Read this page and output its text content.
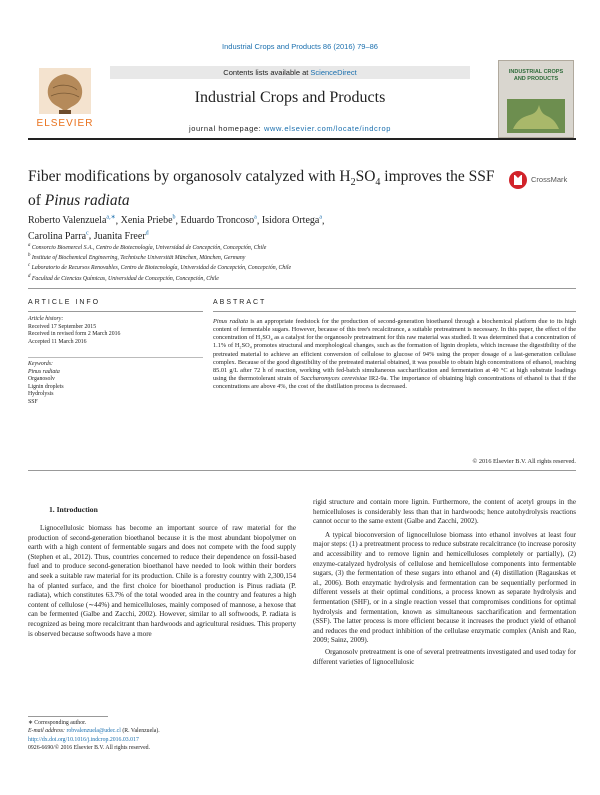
Industrial Crops and Products 86 (2016) 79–86
ELSEVIER
Contents lists available at ScienceDirect
Industrial Crops and Products
journal homepage: www.elsevier.com/locate/indcrop
INDUSTRIAL CROPS AND PRODUCTS
Fiber modifications by organosolv catalyzed with $H_2SO_4$ improves the SSF of Pinus radiata
CrossMark
Roberto Valenzuela$^{a,∗}$, Xenia Priebe$^b$, Eduardo Troncoso$^a$, Isidora Ortega$^a$,
Carolina Parra$^c$, Juanita Freer$^d$
$^a$ Consorcio Bioenercel S.A., Centro de Biotecnología, Universidad de Concepción, Concepción, Chile
$^b$ Institute of Biochemical Engineering, Technische Universität München, München, Germany
$^c$ Laboratorio de Recursos Renovables, Centro de Biotecnología, Universidad de Concepción, Concepción, Chile
$^d$ Facultad de Ciencias Químicas, Universidad de Concepción, Concepción, Chile
ARTICLE INFO	ABSTRACT
Article history:
Received 17 September 2015
Received in revised form 2 March 2016
Accepted 11 March 2016
Keywords:
Pinus radiata
Organosolv
Lignin droplets
Hydrolysis
SSF
Pinus radiata is an appropriate feedstock for the production of second-generation bioethanol through a biochemical platform due to its high content of fermentable sugars. However, because of this tree's recalcitrance, a suitable pretreatment is necessary. In this paper, the effect of the concentration of H₂SO₄ as a catalyst for the organosolv pretreatment for this raw material was studied. It was determined that a concentration of 1.1% of H₂SO₄ promotes structural and morphological changes, such as the formation of lignin droplets, which increase the digestibility of the pretreated material to achieve an efficient conversion of cellulose to glucose of 94% using the proper dosage of a last-generation cellulase complex. Because of the good digestibility of the pretreated material obtained, it was possible to obtain high concentrations of ethanol, reaching 85.01 g/L after 72 h of reaction, working with fed-batch simultaneous saccharification and fermentation at 40 °C at high substrate loadings using the thermotolerant strain of Saccharomyces cerevisiae IR2-9a. The importance of obtaining high concentrations of ethanol is that if the concentrations are above 4%, the cost of the distillation process is decreased.
© 2016 Elsevier B.V. All rights reserved.
1. Introduction

Lignocellulosic biomass has become an important source of raw material for the production of second-generation bioethanol because it is the most abundant biopolymer on earth with a high content of fermentable sugars and does not compete with the food supply (Stephen et al., 2012). Thus, countries concerned to reduce their dependence on fossil-based fuel and to produce second-generation bioethanol have needed to look within their borders and seek a suitable raw material for its production. Chile is a forestry country with 2,300,154 ha of planted surface, and the first choice for bioethanol production is Pinus radiata (P. radiata), which constitutes 63.7% of the total wooded area in the country and features a high content of cellulose (∼44%) and hemicelluloses, mainly composed of mannose, a hexose that can be fermented (Galbe and Zacchi, 2002). However, similar to all softwoods, P. radiata is recognized as being more recalcitrant than hardwoods and agricultural residues. This property is observed because softwoods have a more

rigid structure and contain more lignin. Furthermore, the content of acetyl groups in the hemicelluloses is considerably less than that in hardwoods; hence autohydrolysis reactions cannot occur to the same extent (Galbe and Zacchi, 2002).

A typical bioconversion of lignocellulose biomass into ethanol involves at least four major steps: (1) a pretreatment process to reduce substrate recalcitrance (to increase porosity and accessibility and to remove lignin and hemicelluloses completely or partially), (2) enzyme-catalyzed hydrolysis of cellulose and hemicellulose components into fermentable sugars, (3) the fermentation of these sugars into ethanol and (4) distillation (Ragauskas et al., 2006). Both enzymatic hydrolysis and fermentation can be sequentially performed in different vessels at their optimal conditions, a process known as separate hydrolysis and fermentation (SHF), or in a single reaction vessel that compromises conditions for optimal hydrolysis and fermentation, known as simultaneous saccharification and fermentation (SSF). The latter process is more efficient because it increases the product yield of ethanol and reduces the end product inhibition of the cellulase enzymatic complex (Anish and Rao, 2009; Sainz, 2009).

Organosolv pretreatment is one of several pretreatments investigated and used today for different varieties of lignocellulosic

∗ Corresponding author.
E-mail address: robvalenzuela@udec.cl (R. Valenzuela).
http://dx.doi.org/10.1016/j.indcrop.2016.03.017
0926-6690/© 2016 Elsevier B.V. All rights reserved.
